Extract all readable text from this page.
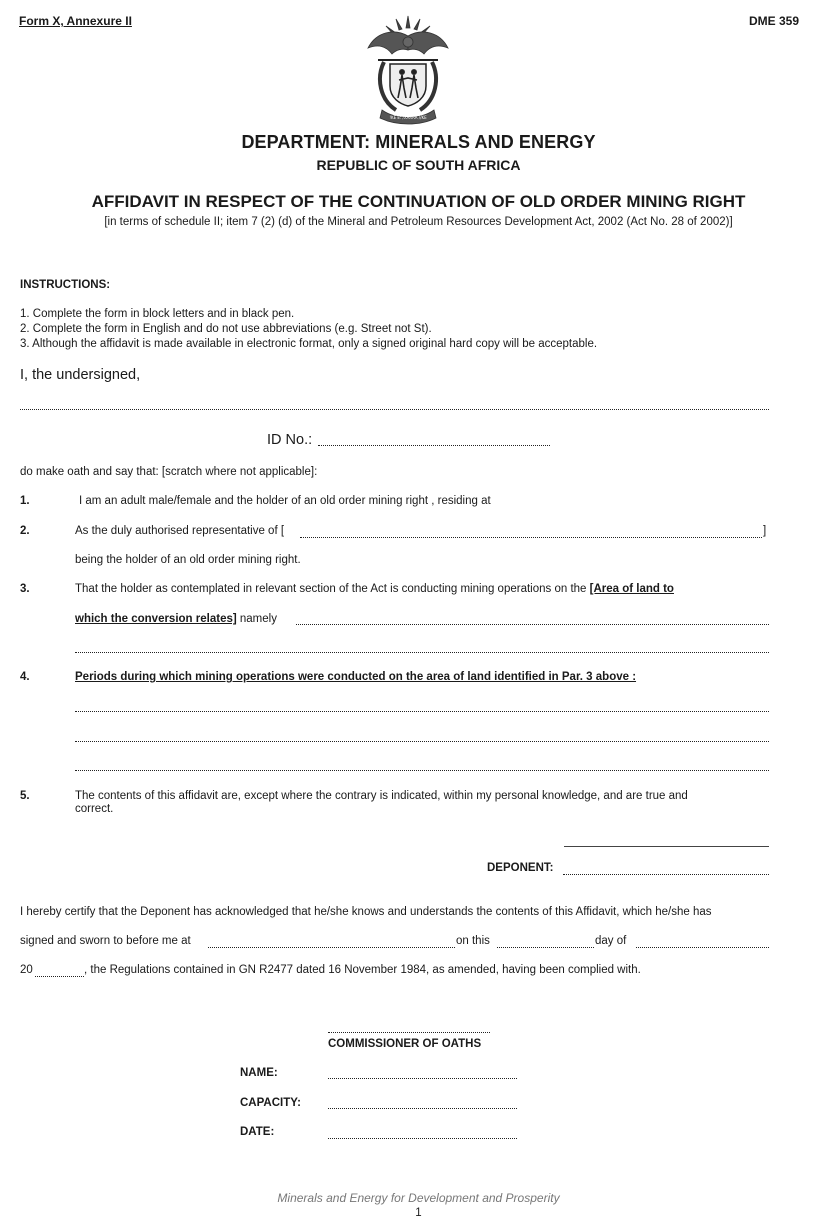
Form X, Annexure II	DME 359
!KE E: /XARRA //KE
DEPARTMENT: MINERALS AND ENERGY
REPUBLIC OF SOUTH AFRICA
AFFIDAVIT IN RESPECT OF THE CONTINUATION OF OLD ORDER MINING RIGHT
[in terms of schedule II; item 7 (2) (d) of the Mineral and Petroleum Resources Development Act, 2002 (Act No. 28 of 2002)]
INSTRUCTIONS:
1. Complete the form in block letters and in black pen.
2. Complete the form in English and do not use abbreviations (e.g. Street not St).
3. Although the affidavit is made available in electronic format, only a signed original hard copy will be acceptable.
I, the undersigned,
ID No.:
do make oath and say that: [scratch where not applicable]:
1.	I am an adult male/female and the holder of an old order mining right , residing at
2.	As the duly authorised representative of [	]
being the holder of an old order mining right.
3.	That the holder as contemplated in relevant section of the Act is conducting mining operations on the [Area of land to
which the conversion relates] namely
4.	Periods during which mining operations were conducted on the area of land identified in Par. 3 above :
5.	The contents of this affidavit are, except where the contrary is indicated, within my personal knowledge, and are true and
correct.
DEPONENT:
I hereby certify that the Deponent has acknowledged that he/she knows and understands the contents of this Affidavit, which he/she has
signed and sworn to before me at	on this	day of
20	, the Regulations contained in GN R2477 dated 16 November 1984, as amended, having been complied with.
COMMISSIONER OF OATHS
NAME:
CAPACITY:
DATE:
Minerals and Energy for Development and Prosperity
1
